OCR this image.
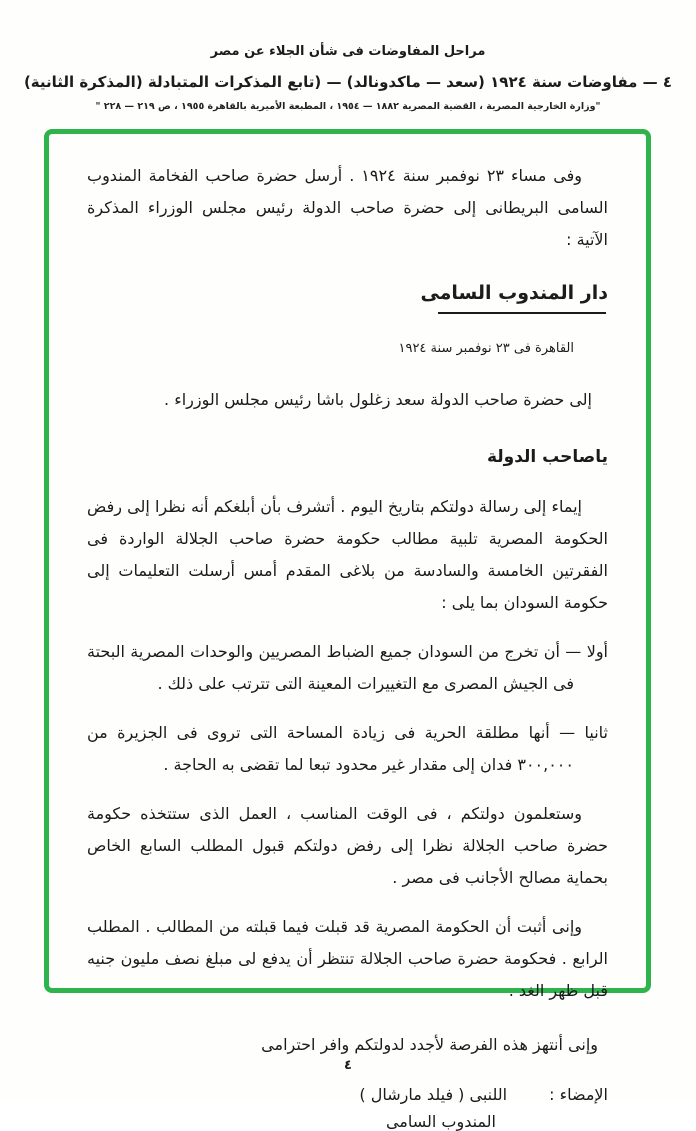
مراحل المفاوضات فى شأن الجلاء عن مصر
٤ — مفاوضات سنة ١٩٢٤ (سعد — ماكدونالد) — (تابع المذكرات المتبادلة (المذكرة الثانية)
"وزارة الخارجية المصرية ، القضية المصرية ١٨٨٢ — ١٩٥٤ ، المطبعة الأميرية بالقاهرة ١٩٥٥ ، ص ٢١٩ — ٢٢٨ "

وفى مساء ٢٣ نوفمبر سنة ١٩٢٤ . أرسل حضرة صاحب الفخامة المندوب السامى البريطانى إلى حضرة صاحب الدولة رئيس مجلس الوزراء المذكرة الآتية :

دار المندوب السامى

القاهرة فى ٢٣ نوفمبر سنة ١٩٢٤

إلى حضرة صاحب الدولة سعد زغلول باشا رئيس مجلس الوزراء .

ياصاحب الدولة

إيماء إلى رسالة دولتكم بتاريخ اليوم . أتشرف بأن أبلغكم أنه نظرا إلى رفض الحكومة المصرية تلبية مطالب حكومة حضرة صاحب الجلالة الواردة فى الفقرتين الخامسة والسادسة من بلاغى المقدم أمس أرسلت التعليمات إلى حكومة السودان بما يلى :

أولا — أن تخرج من السودان جميع الضباط المصريين والوحدات المصرية البحتة فى الجيش المصرى مع التغييرات المعينة التى تترتب على ذلك .

ثانيا — أنها مطلقة الحرية فى زيادة المساحة التى تروى فى الجزيرة من ٣٠٠,٠٠٠ فدان إلى مقدار غير محدود تبعا لما تقضى به الحاجة .

وستعلمون دولتكم ، فى الوقت المناسب ، العمل الذى ستتخذه حكومة حضرة صاحب الجلالة نظرا إلى رفض دولتكم قبول المطلب السابع الخاص بحماية مصالح الأجانب فى مصر .

وإنى أثبت أن الحكومة المصرية قد قبلت فيما قبلته من المطالب . المطلب الرابع . فحكومة حضرة صاحب الجلالة تنتظر أن يدفع لى مبلغ نصف مليون جنيه قبل ظهر الغد .

وإنى أنتهز هذه الفرصة لأجدد لدولتكم وافر احترامى

الإمضاء :
اللنبى ( فيلد مارشال )
المندوب السامى
٤
